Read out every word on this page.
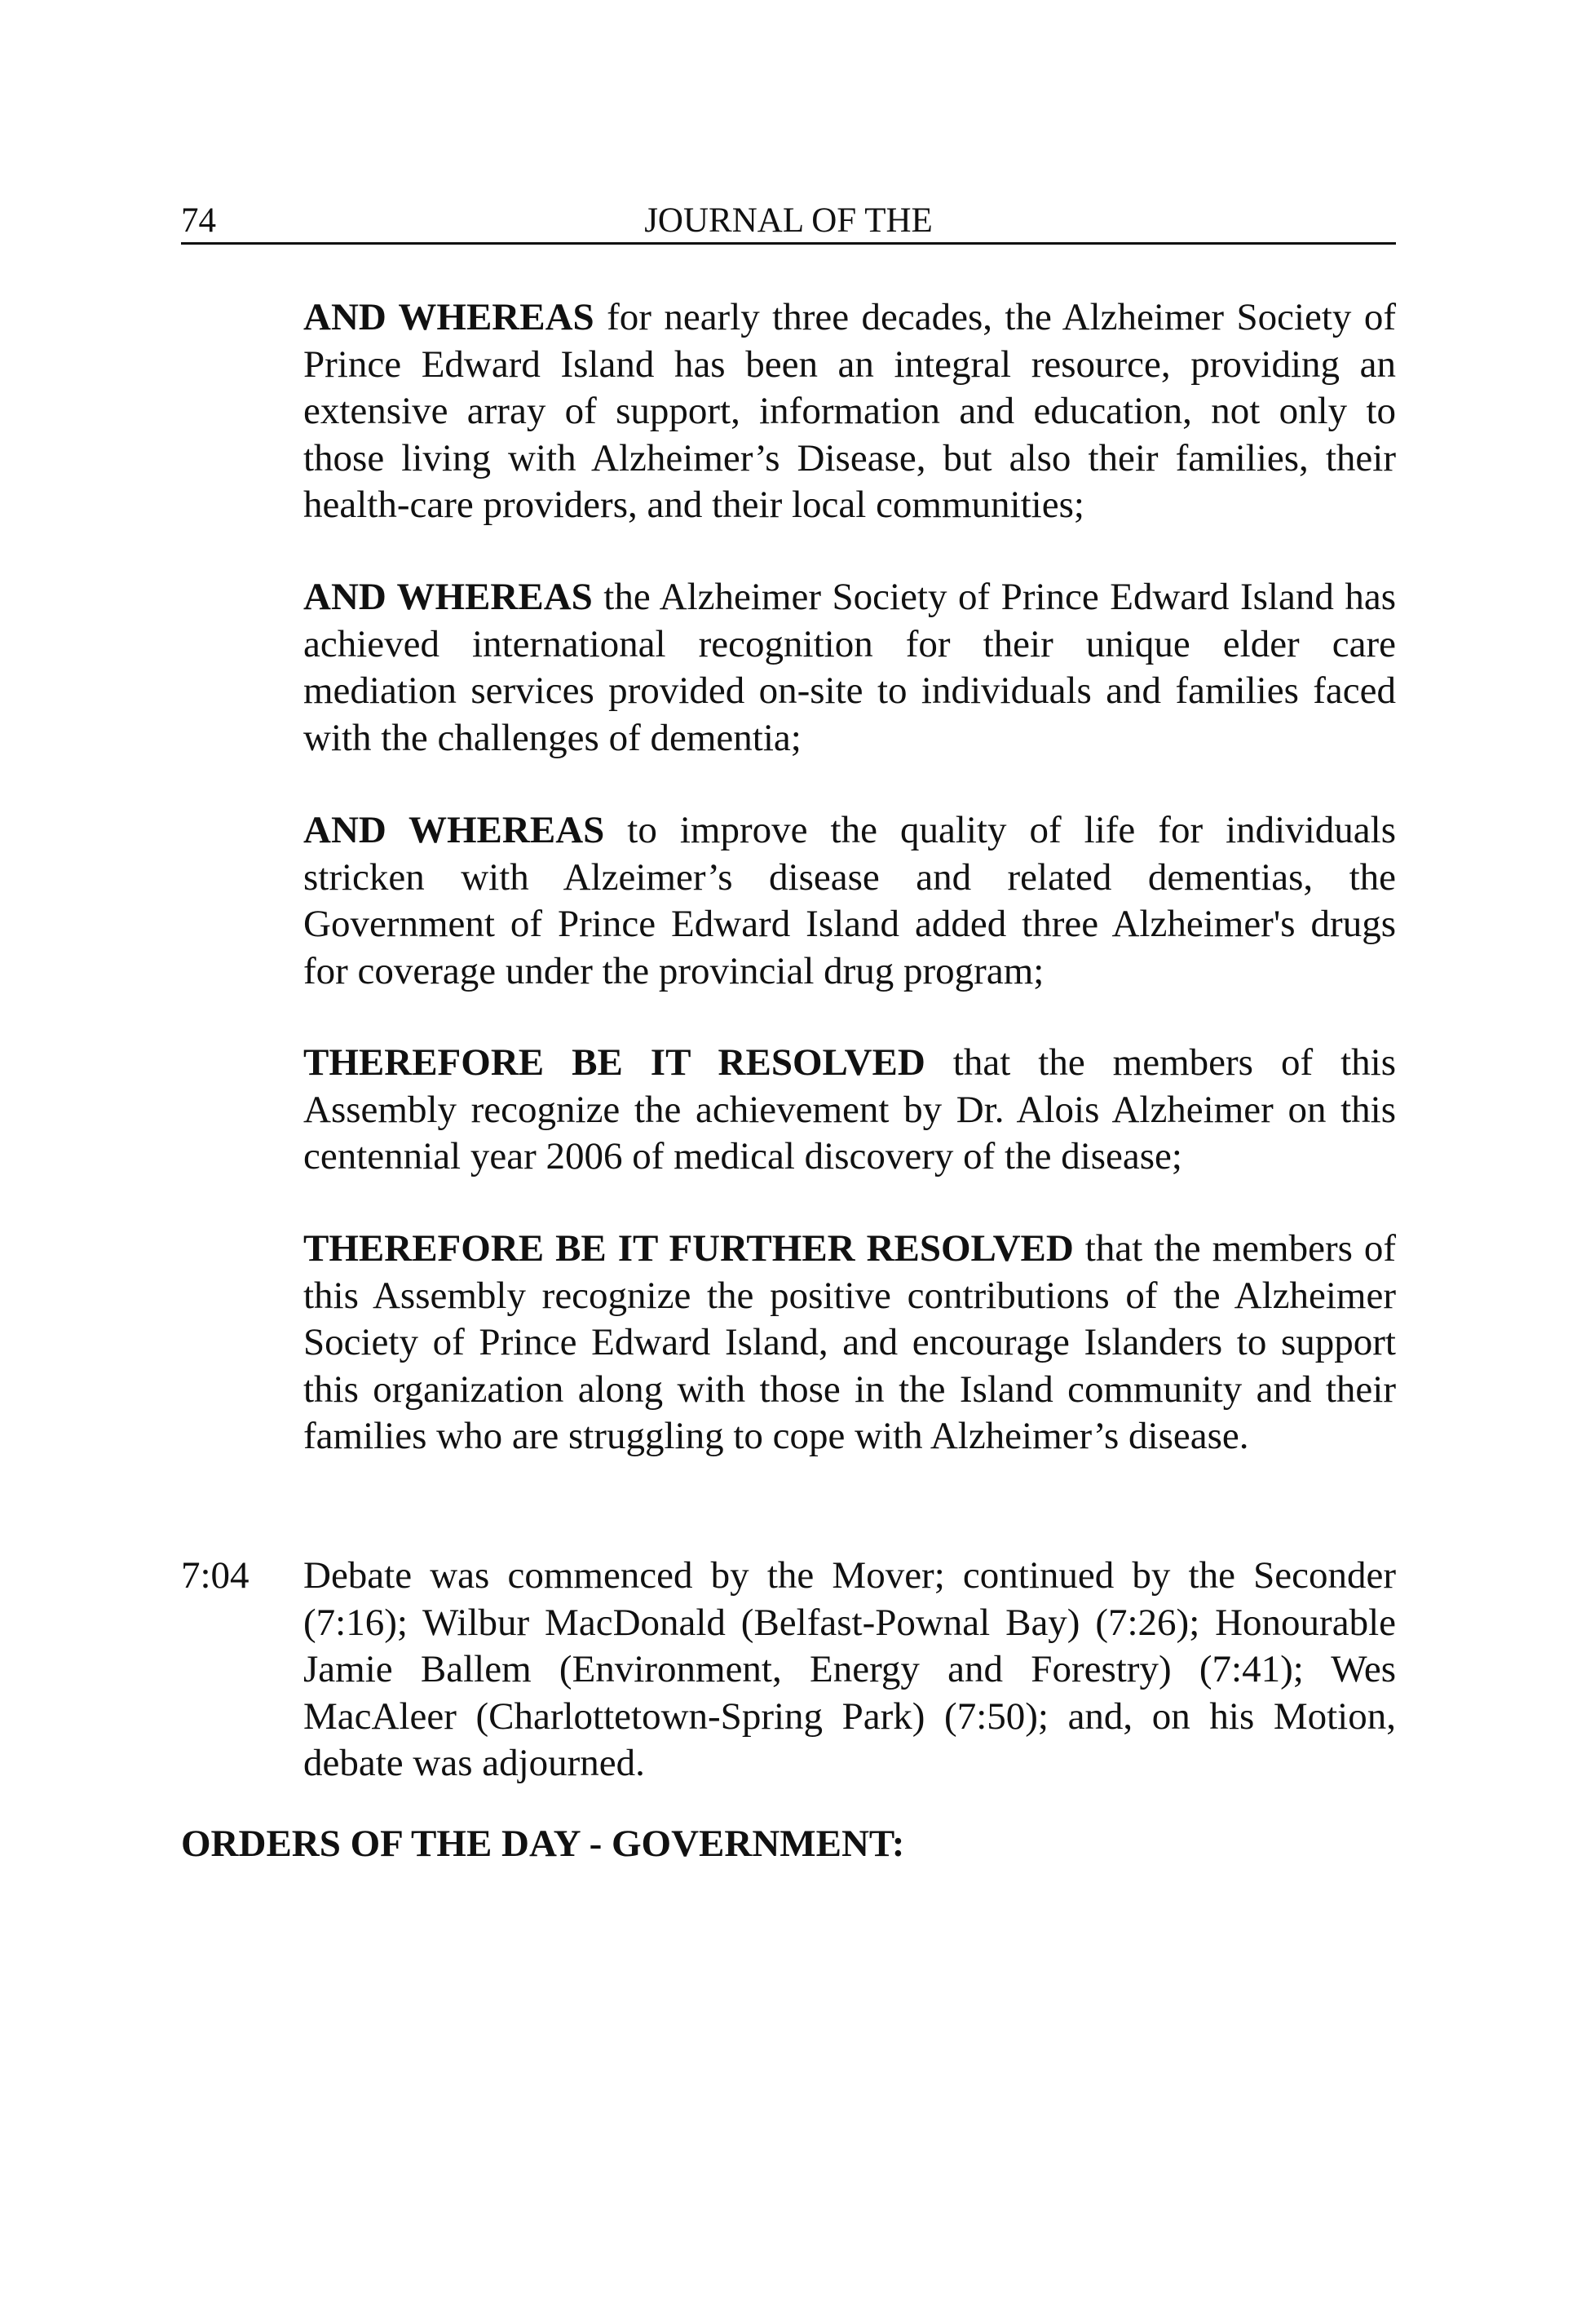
74	JOURNAL OF THE

AND WHEREAS for nearly three decades, the Alzheimer Society of Prince Edward Island has been an integral resource, providing an extensive array of support, information and education, not only to those living with Alzheimer’s Disease, but also their families, their health-care providers, and their local communities;

AND WHEREAS the Alzheimer Society of Prince Edward Island has achieved international recognition for their unique elder care mediation services provided on-site to individuals and families faced with the challenges of dementia;

AND WHEREAS to improve the quality of life for individuals stricken with Alzeimer’s disease and related dementias, the Government of Prince Edward Island added three Alzheimer's drugs for coverage under the provincial drug program;

THEREFORE BE IT RESOLVED that the members of this Assembly recognize the achievement by Dr. Alois Alzheimer on this centennial year 2006 of medical discovery of the disease;

THEREFORE BE IT FURTHER RESOLVED that the members of this Assembly recognize the positive contributions of the Alzheimer Society of Prince Edward Island, and encourage Islanders to support this organization along with those in the Island community and their families who are struggling to cope with Alzheimer’s disease.

7:04 Debate was commenced by the Mover; continued by the Seconder (7:16); Wilbur MacDonald (Belfast-Pownal Bay) (7:26); Honourable Jamie Ballem (Environment, Energy and Forestry) (7:41); Wes MacAleer (Charlottetown-Spring Park) (7:50); and, on his Motion, debate was adjourned.

ORDERS OF THE DAY - GOVERNMENT:
